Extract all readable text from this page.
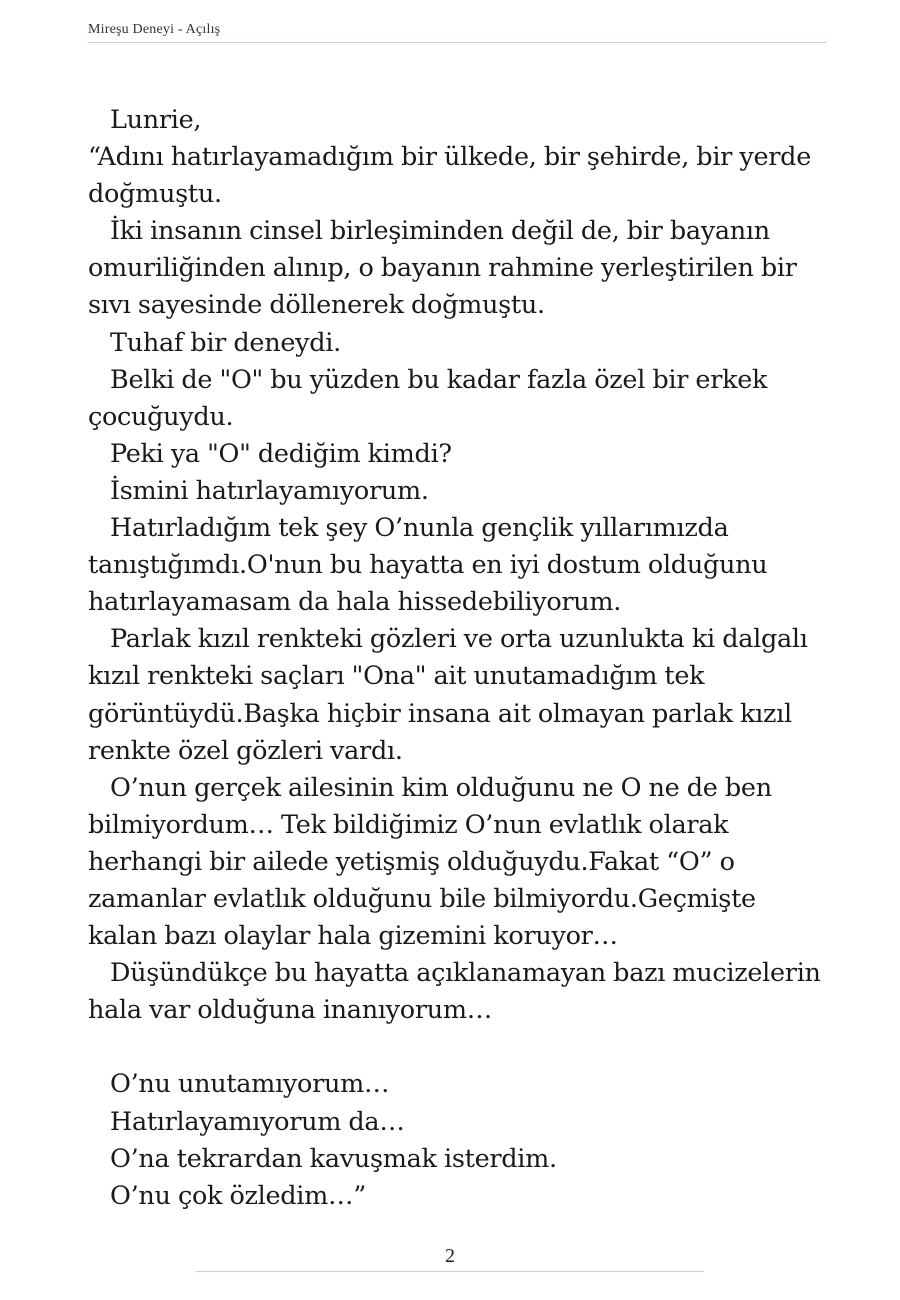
Mireşu Deneyi - Açılış

Lunrie,

“Adını hatırlayamadığım bir ülkede, bir şehirde, bir yerde doğmuştu.

İki insanın cinsel birleşiminden değil de, bir bayanın omuriliğinden alınıp, o bayanın rahmine yerleştirilen bir sıvı sayesinde döllenerek doğmuştu.

Tuhaf bir deneydi.

Belki de "O" bu yüzden bu kadar fazla özel bir erkek çocuğuydu.

Peki ya "O" dediğim kimdi?

İsmini hatırlayamıyorum.

Hatırladığım tek şey O’nunla gençlik yıllarımızda tanıştığımdı.O'nun bu hayatta en iyi dostum olduğunu hatırlayamasam da hala hissedebiliyorum.

Parlak kızıl renkteki gözleri ve orta uzunlukta ki dalgalı kızıl renkteki saçları "Ona" ait unutamadığım tek görüntüydü.Başka hiçbir insana ait olmayan parlak kızıl renkte özel gözleri vardı.

O’nun gerçek ailesinin kim olduğunu ne O ne de ben bilmiyordum… Tek bildiğimiz O’nun evlatlık olarak herhangi bir ailede yetişmiş olduğuydu.Fakat “O” o zamanlar evlatlık olduğunu bile bilmiyordu.Geçmişte kalan bazı olaylar hala gizemini koruyor…

Düşündükçe bu hayatta açıklanamayan bazı mucizelerin hala var olduğuna inanıyorum…

O’nu unutamıyorum…

Hatırlayamıyorum da…

O’na tekrardan kavuşmak isterdim.

O’nu çok özledim…”

2
